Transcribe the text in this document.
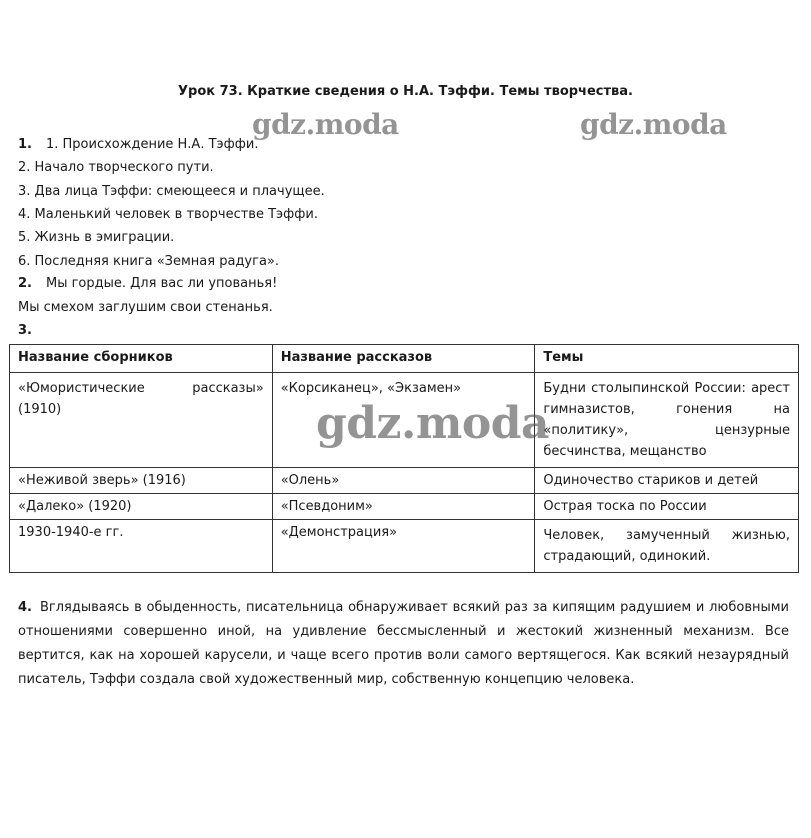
Урок 73. Краткие сведения о Н.А. Тэффи. Темы творчества.
1. 1. Происхождение Н.А. Тэффи.
2. Начало творческого пути.
3. Два лица Тэффи: смеющееся и плачущее.
4. Маленький человек в творчестве Тэффи.
5. Жизнь в эмиграции.
6. Последняя книга «Земная радуга».
2. Мы гордые. Для вас ли упованья!
Мы смехом заглушим свои стенанья.
3.
Название сборников	Название рассказов	Темы

«Юмористические рассказы»
(1910)	«Корсиканец», «Экзамен»	Будни столыпинской России: арест гимназистов, гонения на «политику», цензурные бесчинства, мещанство
«Неживой зверь» (1916)	«Олень»	Одиночество стариков и детей
«Далеко» (1920)	«Псевдоним»	Острая тоска по России
1930-1940-е гг.	«Демонстрация»	Человек, замученный жизнью, страдающий, одинокий.
4. Вглядываясь в обыденность, писательница обнаруживает всякий раз за кипящим радушием и любовными отношениями совершенно иной, на удивление бессмысленный и жестокий жизненный механизм. Все вертится, как на хорошей карусели, и чаще всего против воли самого вертящегося. Как всякий незаурядный писатель, Тэффи создала свой художественный мир, собственную концепцию человека.
gdz.moda	gdz.moda
gdz.moda
